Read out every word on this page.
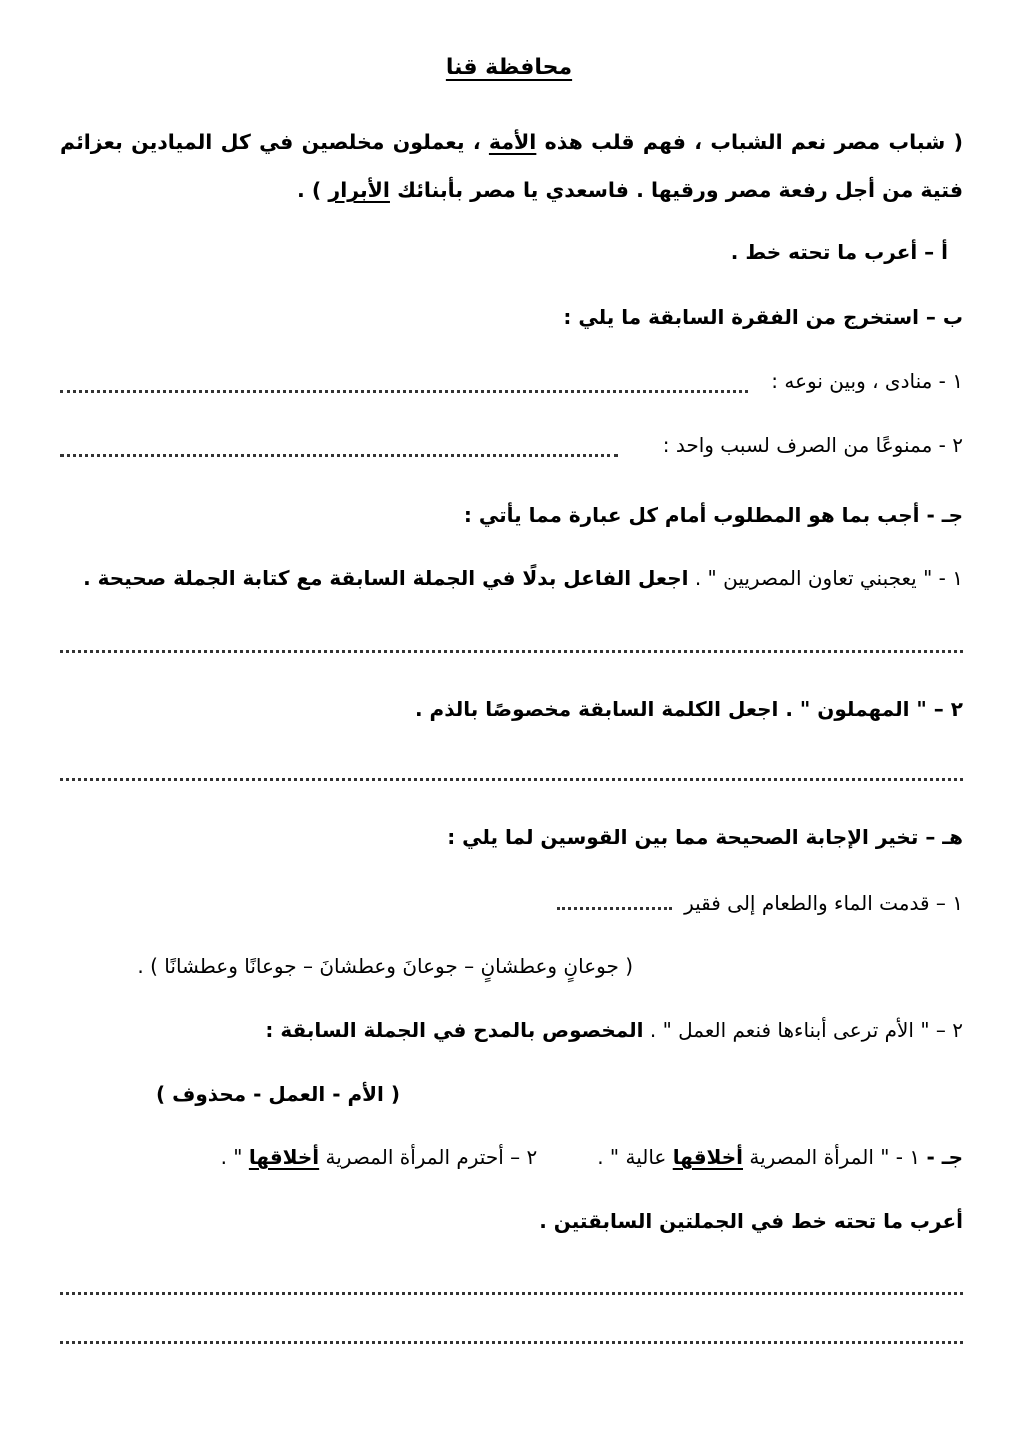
محافظة قنا
( شباب مصر نعم الشباب ، فهم قلب هذه الأمة ، يعملون مخلصين في كل الميادين بعزائم فتية من أجل رفعة مصر ورقيها . فاسعدي يا مصر بأبنائك الأبرار ) .
أ – أعرب ما تحته خط .
ب – استخرج من الفقرة السابقة ما يلي :
١ - منادى ، وبين نوعه :
٢ - ممنوعًا من الصرف لسبب واحد :
جـ - أجب بما هو المطلوب أمام كل عبارة مما يأتي :
١ - " يعجبني تعاون المصريين " . اجعل الفاعل بدلًا في الجملة السابقة مع كتابة الجملة صحيحة .
٢ – " المهملون " . اجعل الكلمة السابقة مخصوصًا بالذم .
هـ – تخير الإجابة الصحيحة مما بين القوسين لما يلي :
١ – قدمت الماء والطعام إلى فقير
( جوعانٍ وعطشانٍ – جوعانَ وعطشانَ – جوعانًا وعطشانًا ) .
٢ – " الأم ترعى أبناءها فنعم العمل " . المخصوص بالمدح في الجملة السابقة :
( الأم - العمل - محذوف )
جـ - ١ - " المرأة المصرية أخلاقها عالية " .٢ – أحترم المرأة المصرية أخلاقها " .
أعرب ما تحته خط في الجملتين السابقتين .
